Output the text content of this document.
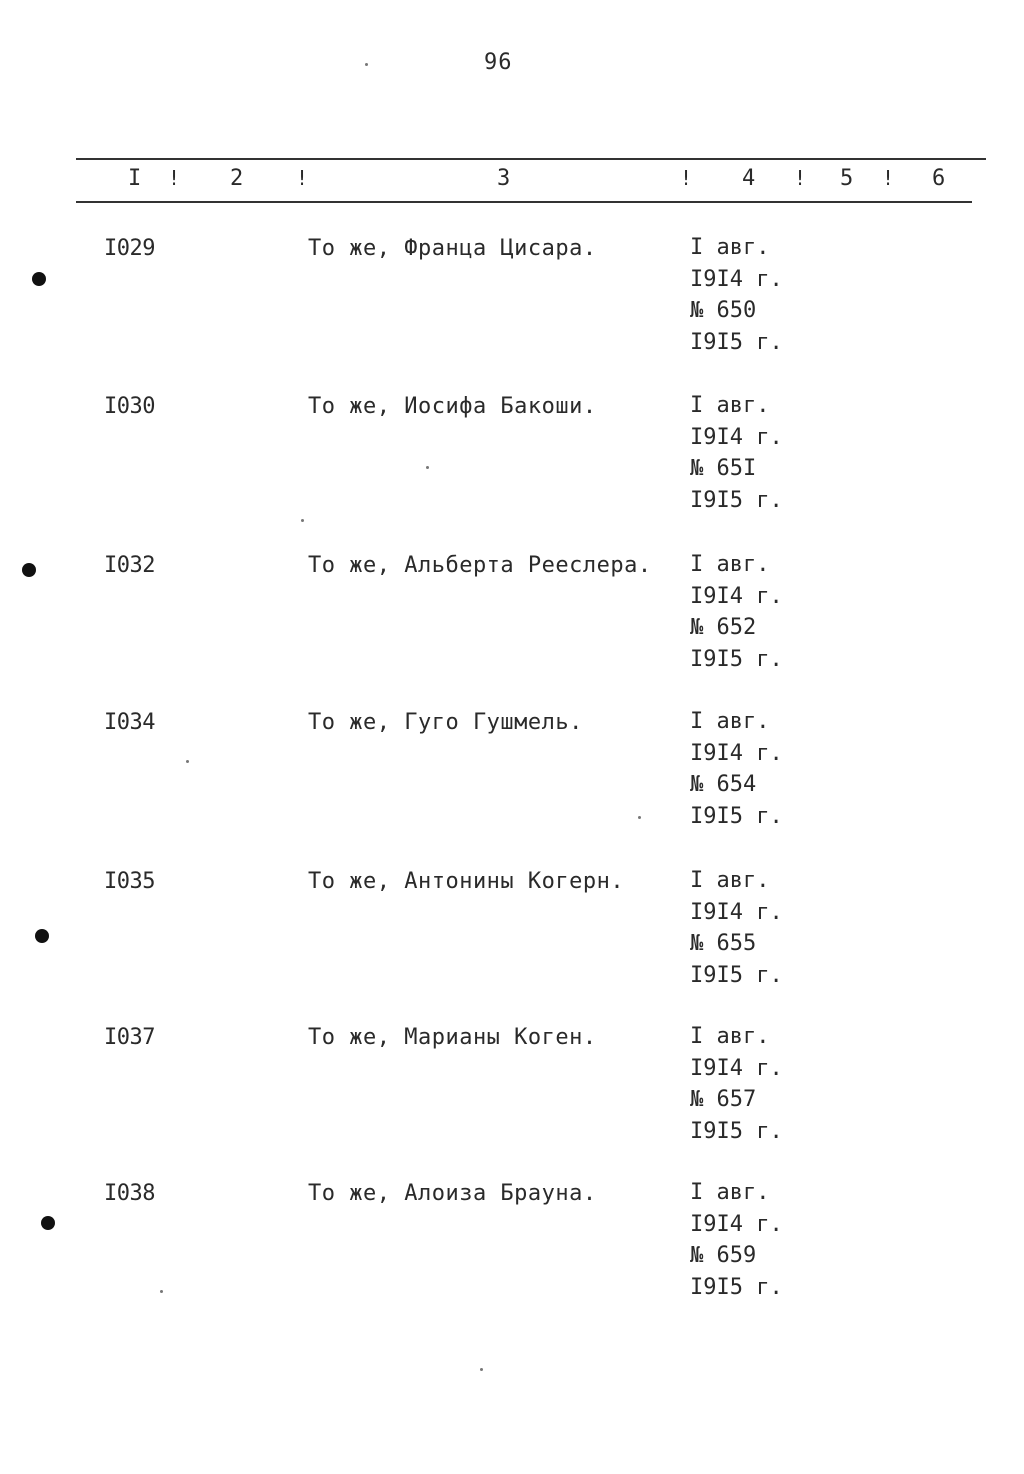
96
I ! 2	!	3	! 4 ! 5 ! 6
I029	То же, Франца Цисара.	I авг.
I9I4 г.
№ 650
I9I5 г.
I030	То же, Иосифа Бакоши.	I авг.
I9I4 г.
№ 65I
I9I5 г.
I032	То же, Альберта Реeслера. I авг.
I9I4 г.
№ 652
I9I5 г.
I034	То же, Гуго Гушмель.	I авг.
I9I4 г.
№ 654
I9I5 г.
I035	То же, Антонины Когерн.	I авг.
I9I4 г.
№ 655
I9I5 г.
I037	То же, Марианы Коген.	I авг.
I9I4 г.
№ 657
I9I5 г.
I038	То же, Алоиза Брауна.	I авг.
I9I4 г.
№ 659
I9I5 г.
